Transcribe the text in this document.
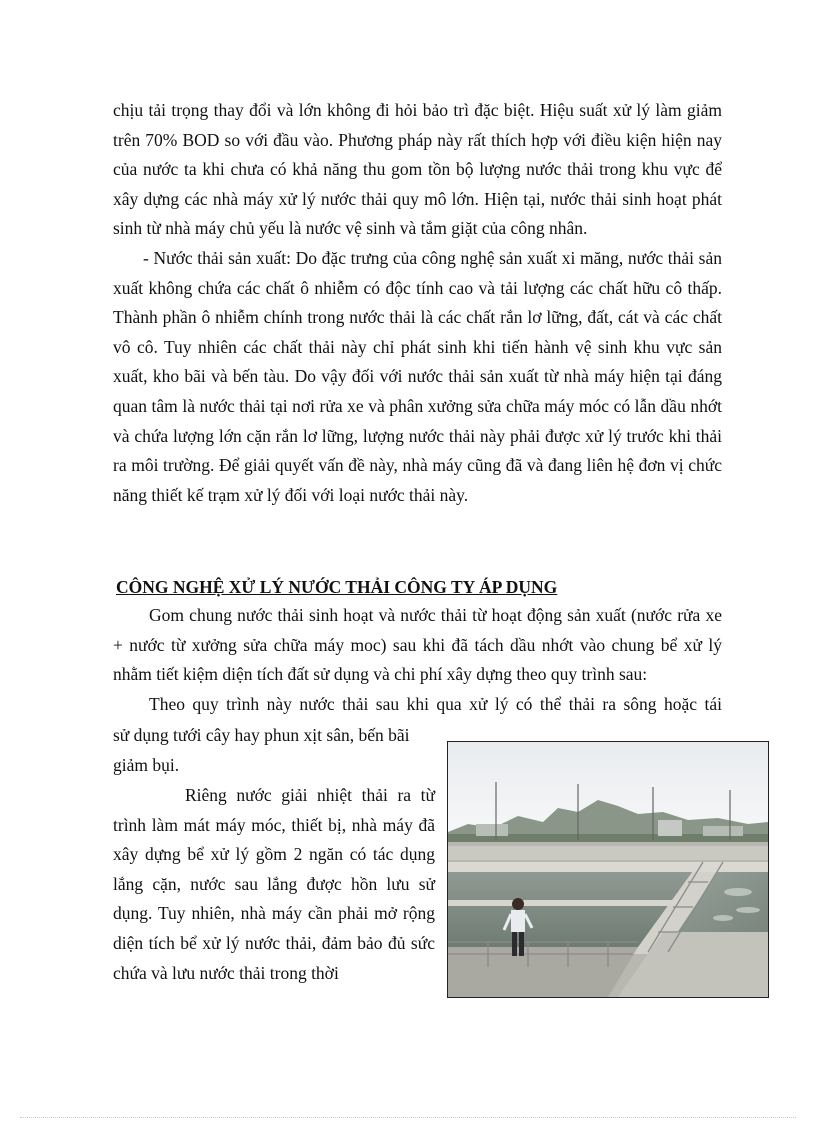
chịu tải trọng thay đổi và lớn không đi hỏi bảo trì đặc biệt. Hiệu suất xử lý làm giảm trên 70% BOD so với đầu vào. Phương pháp này rất thích hợp với điều kiện hiện nay của nước ta khi chưa có khả năng thu gom tồn bộ lượng nước thải trong khu vực để xây dựng các nhà máy xử lý nước thải quy mô lớn. Hiện tại, nước thải sinh hoạt phát sinh từ nhà máy chủ yếu là nước vệ sinh và tắm giặt của công nhân.

- Nước thải sản xuất: Do đặc trưng của công nghệ sản xuất xi măng, nước thải sản xuất không chứa các chất ô nhiễm có độc tính cao và tải lượng các chất hữu cô thấp. Thành phần ô nhiễm chính trong nước thải là các chất rắn lơ lững, đất, cát và các chất vô cô. Tuy nhiên các chất thải này chỉ phát sinh khi tiến hành vệ sinh khu vực sản xuất, kho bãi và bến tàu. Do vậy đối với nước thải sản xuất từ nhà máy hiện tại đáng quan tâm là nước thải tại nơi rửa xe và phân xưởng sửa chữa máy móc có lẫn dầu nhớt và chứa lượng lớn cặn rắn lơ lững, lượng nước thải này phải được xử lý trước khi thải ra môi trường. Để giải quyết vấn đề này, nhà máy cũng đã và đang liên hệ đơn vị chức năng thiết kế trạm xử lý đối với loại nước thải này.

CÔNG NGHỆ XỬ LÝ NƯỚC THẢI CÔNG TY ÁP DỤNG

Gom chung nước thải sinh hoạt và nước thải từ hoạt động sản xuất (nước rửa xe + nước từ xưởng sửa chữa máy moc) sau khi đã tách dầu nhớt vào chung bể xử lý nhằm tiết kiệm diện tích đất sử dụng và chi phí xây dựng theo quy trình sau:

Theo quy trình này nước thải sau khi qua xử lý có thể thải ra sông hoặc tái

sử dụng tưới cây hay phun xịt sân, bến bãi giảm bụi.

Riêng nước giải nhiệt thải ra từ trình làm mát máy móc, thiết bị, nhà máy đã xây dựng bể xử lý gồm 2 ngăn có tác dụng lắng cặn, nước sau lắng được hồn lưu sử dụng. Tuy nhiên, nhà máy cần phải mở rộng diện tích bể xử lý nước thải, đảm bảo đủ sức chứa và lưu nước thải trong thời
